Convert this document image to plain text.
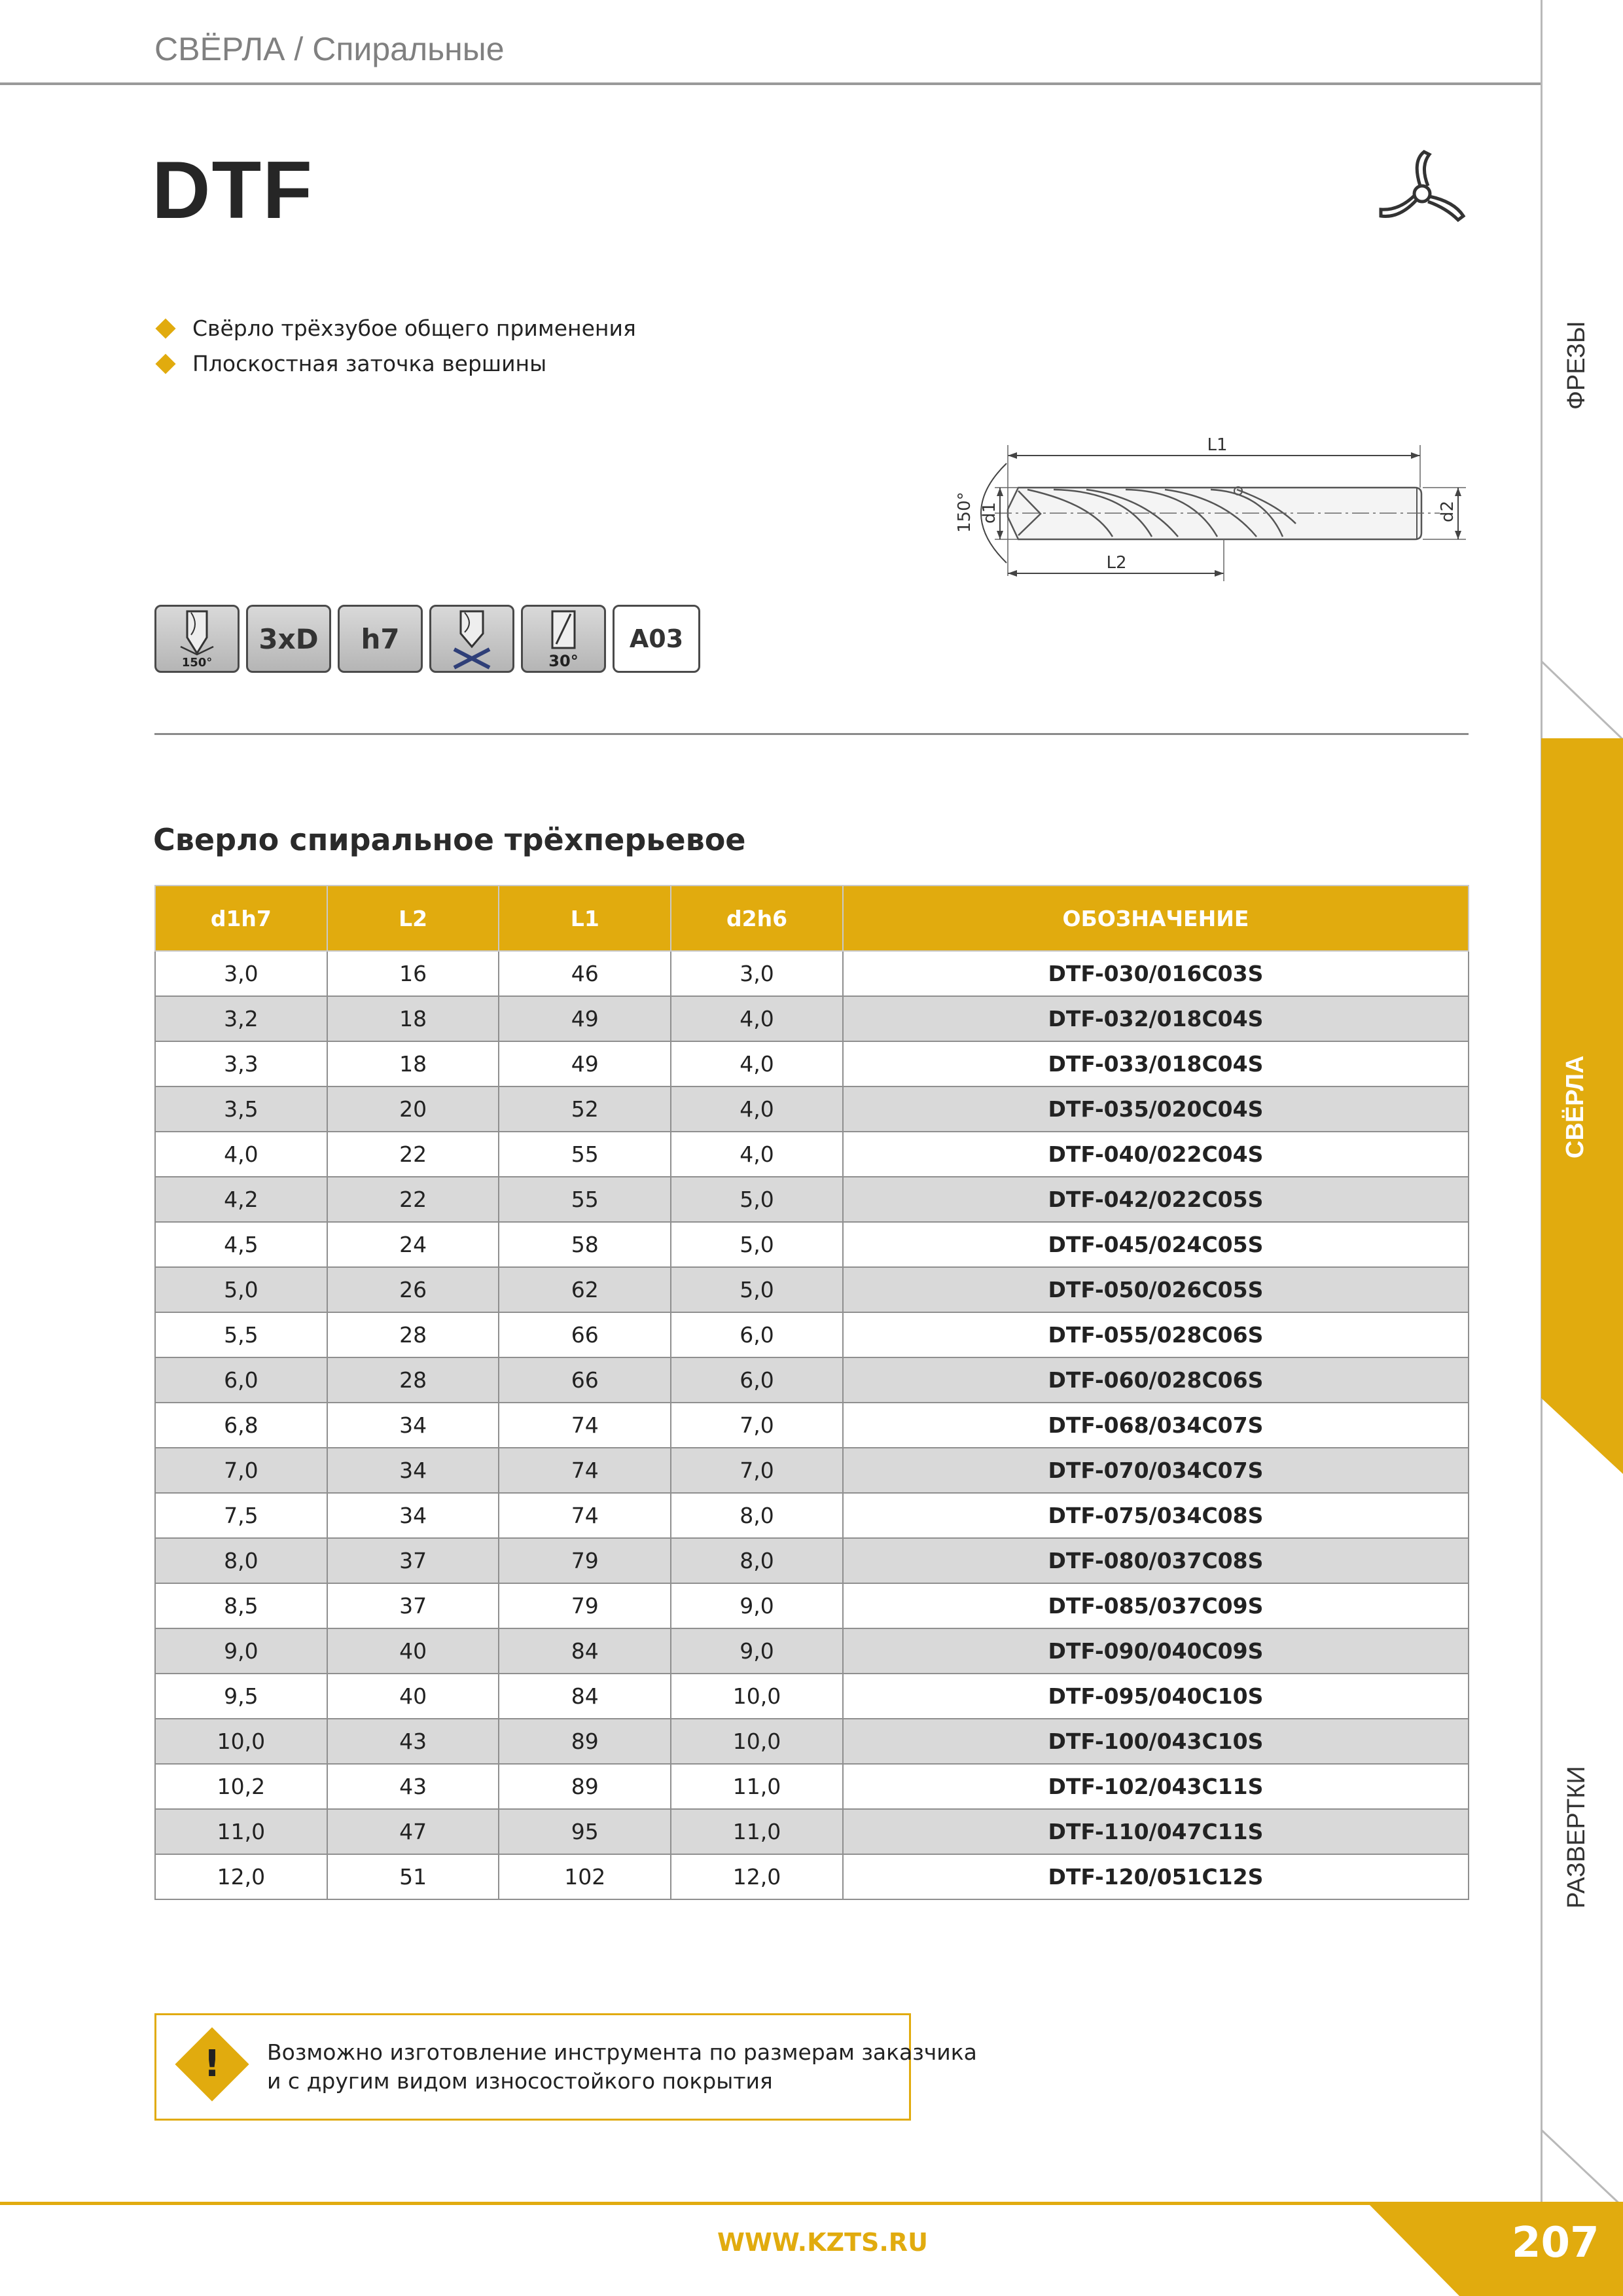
СВЁРЛА / Спиральные
DTF
Свёрло трёхзубое общего применения
Плоскостная заточка вершины
L1
d2
d1
150°
L2
150°
3xD	h7
30°
A03
Сверло спиральное трёхперьевое
d1h7	L2	L1	d2h6	ОБОЗНАЧЕНИЕ
3,0	16	46	3,0	DTF-030/016C03S
3,2	18	49	4,0	DTF-032/018C04S
3,3	18	49	4,0	DTF-033/018C04S
3,5	20	52	4,0	DTF-035/020C04S
4,0	22	55	4,0	DTF-040/022C04S
4,2	22	55	5,0	DTF-042/022C05S
4,5	24	58	5,0	DTF-045/024C05S
5,0	26	62	5,0	DTF-050/026C05S
5,5	28	66	6,0	DTF-055/028C06S
6,0	28	66	6,0	DTF-060/028C06S
6,8	34	74	7,0	DTF-068/034C07S
7,0	34	74	7,0	DTF-070/034C07S
7,5	34	74	8,0	DTF-075/034C08S
8,0	37	79	8,0	DTF-080/037C08S
8,5	37	79	9,0	DTF-085/037C09S
9,0	40	84	9,0	DTF-090/040C09S
9,5	40	84	10,0	DTF-095/040C10S
10,0	43	89	10,0	DTF-100/043C10S
10,2	43	89	11,0	DTF-102/043C11S
11,0	47	95	11,0	DTF-110/047C11S
12,0	51	102	12,0	DTF-120/051C12S
!	Возможно изготовление инструмента по размерам заказчика
и с другим видом износостойкого покрытия
ФРЕЗЫ
СВЁРЛА
РАЗВЕРТКИ
WWW.KZTS.RU	207
